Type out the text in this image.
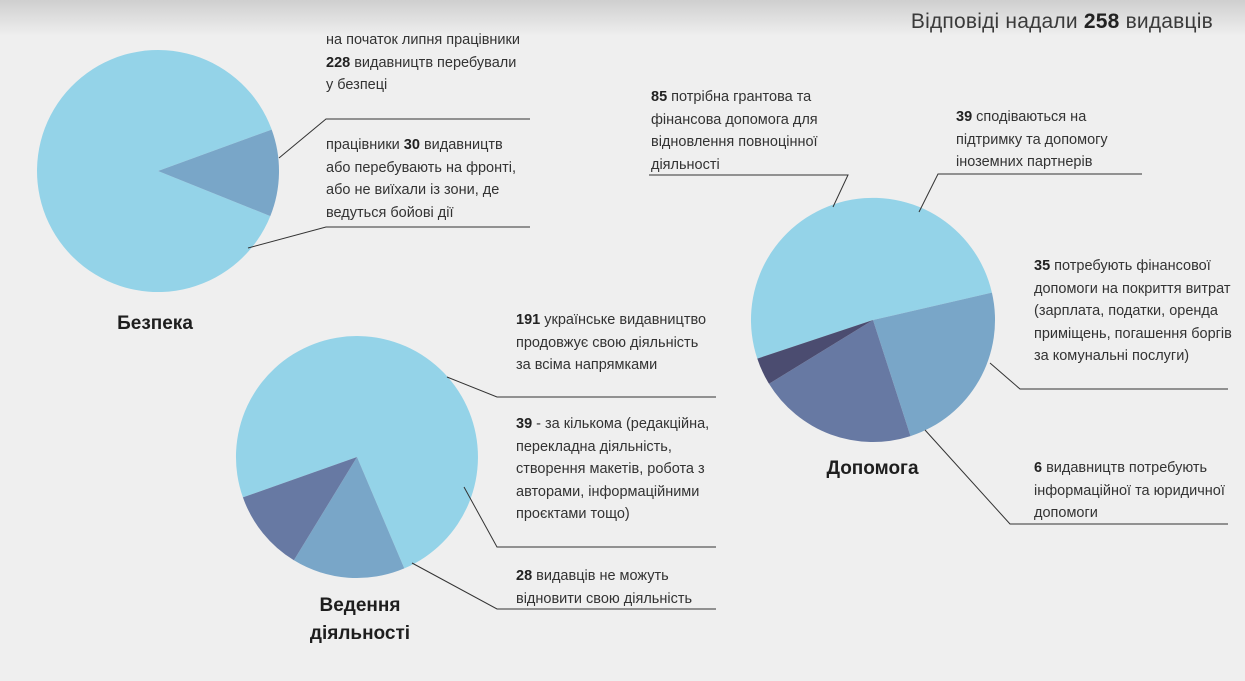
Відповіді надали 258 видавців
на початок липня працівники 228 видавництв перебували у безпеці
працівники 30 видавництв або перебувають на фронті, або не виїхали із зони, де ведуться бойові дії
Безпека	191 українське видавництво продовжує свою діяльність за всіма напрямками
39 - за кількома (редакційна, перекладна діяльність, створення макетів, робота з авторами, інформаційними проєктами тощо)
28 видавців не можуть відновити свою діяльність
Ведення діяльності
85 потрібна грантова та фінансова допомога для відновлення повноцінної діяльності
39 сподіваються на підтримку та допомогу іноземних партнерів
35 потребують фінансової допомоги на покриття витрат (зарплата, податки, оренда приміщень, погашення боргів за комунальні послуги)
6 видавництв потребують інформаційної та юридичної допомоги
Допомога
